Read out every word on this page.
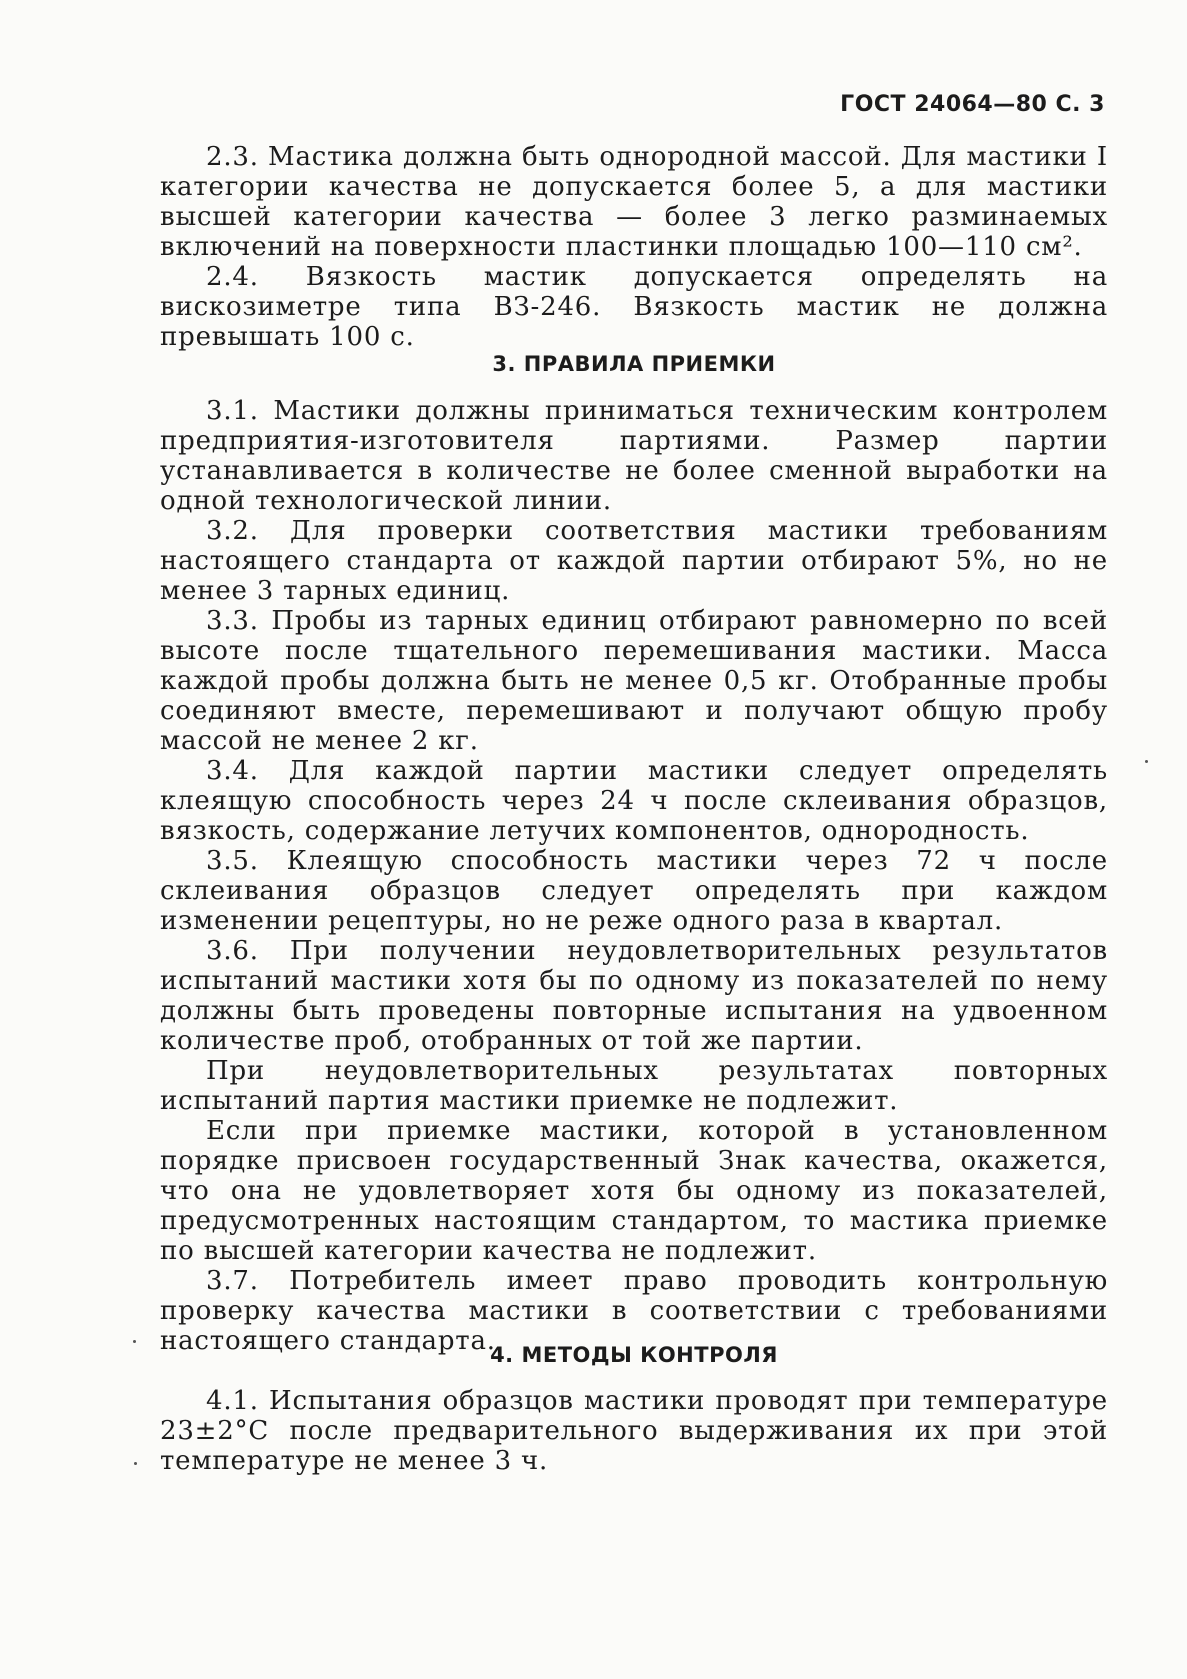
ГОСТ 24064—80 С. 3

2.3. Мастика должна быть однородной массой. Для мастики I категории качества не допускается более 5, а для мастики высшей категории качества — более 3 легко разминаемых включений на поверхности пластинки площадью 100—110 см².

2.4. Вязкость мастик допускается определять на вискозиметре типа ВЗ-246. Вязкость мастик не должна превышать 100 с.

3. ПРАВИЛА ПРИЕМКИ

3.1. Мастики должны приниматься техническим контролем предприятия-изготовителя партиями. Размер партии устанавливается в количестве не более сменной выработки на одной технологической линии.

3.2. Для проверки соответствия мастики требованиям настоящего стандарта от каждой партии отбирают 5%, но не менее 3 тарных единиц.

3.3. Пробы из тарных единиц отбирают равномерно по всей высоте после тщательного перемешивания мастики. Масса каждой пробы должна быть не менее 0,5 кг. Отобранные пробы соединяют вместе, перемешивают и получают общую пробу массой не менее 2 кг.

3.4. Для каждой партии мастики следует определять клеящую способность через 24 ч после склеивания образцов, вязкость, содержание летучих компонентов, однородность.

3.5. Клеящую способность мастики через 72 ч после склеивания образцов следует определять при каждом изменении рецептуры, но не реже одного раза в квартал.

3.6. При получении неудовлетворительных результатов испытаний мастики хотя бы по одному из показателей по нему должны быть проведены повторные испытания на удвоенном количестве проб, отобранных от той же партии.

При неудовлетворительных результатах повторных испытаний партия мастики приемке не подлежит.

Если при приемке мастики, которой в установленном порядке присвоен государственный Знак качества, окажется, что она не удовлетворяет хотя бы одному из показателей, предусмотренных настоящим стандартом, то мастика приемке по высшей категории качества не подлежит.

3.7. Потребитель имеет право проводить контрольную проверку качества мастики в соответствии с требованиями настоящего стандарта.

4. МЕТОДЫ КОНТРОЛЯ

4.1. Испытания образцов мастики проводят при температуре 23±2°С после предварительного выдерживания их при этой температуре не менее 3 ч.
